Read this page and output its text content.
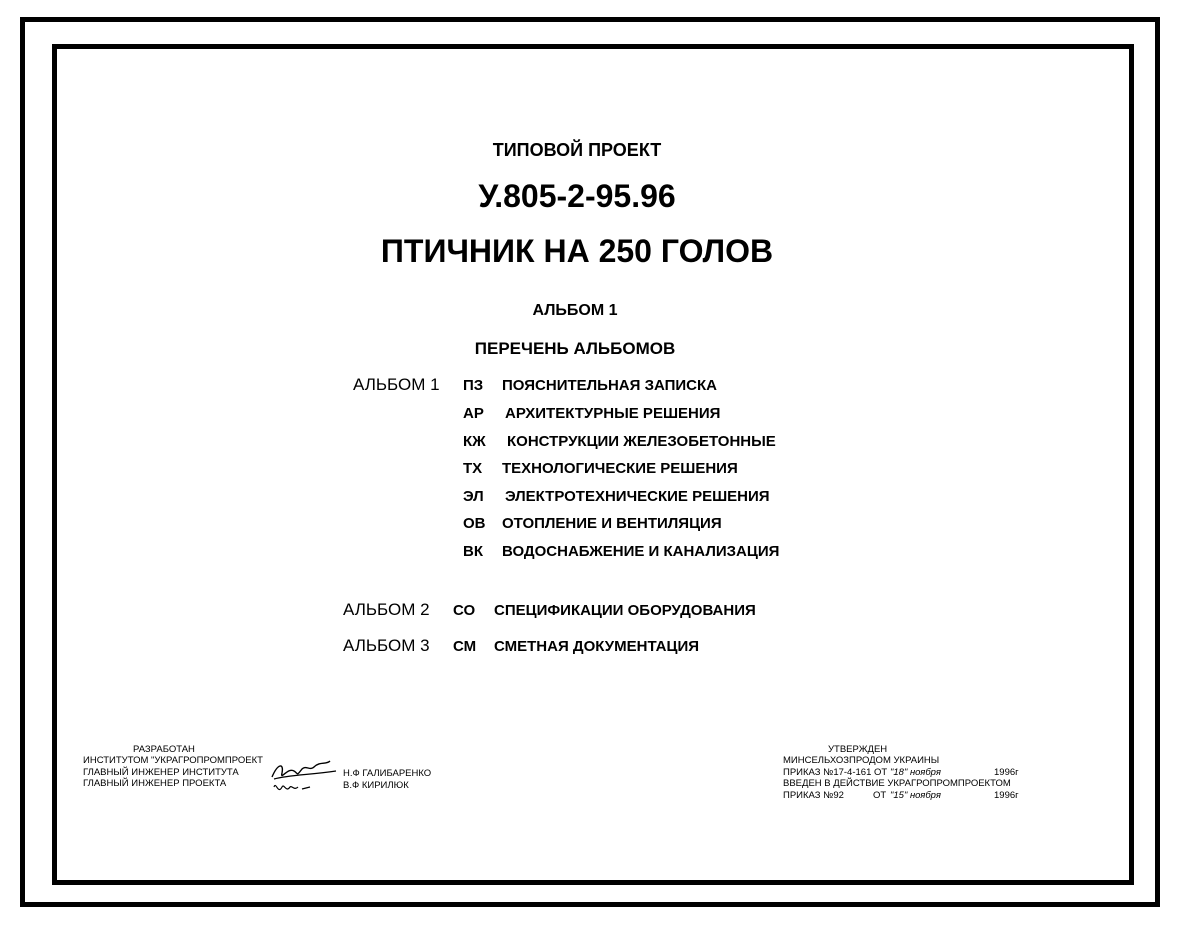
ТИПОВОЙ ПРОЕКТ
У.805-2-95.96
ПТИЧНИК НА 250 ГОЛОВ
АЛЬБОМ 1
ПЕРЕЧЕНЬ АЛЬБОМОВ
АЛЬБОМ 1 ПЗ ПОЯСНИТЕЛЬНАЯ ЗАПИСКА
АР АРХИТЕКТУРНЫЕ РЕШЕНИЯ
КЖ КОНСТРУКЦИИ ЖЕЛЕЗОБЕТОННЫЕ
ТХ ТЕХНОЛОГИЧЕСКИЕ РЕШЕНИЯ
ЭЛ ЭЛЕКТРОТЕХНИЧЕСКИЕ РЕШЕНИЯ
ОВ ОТОПЛЕНИЕ И ВЕНТИЛЯЦИЯ
ВК ВОДОСНАБЖЕНИЕ И КАНАЛИЗАЦИЯ
АЛЬБОМ 2 СО СПЕЦИФИКАЦИИ ОБОРУДОВАНИЯ
АЛЬБОМ 3 СМ СМЕТНАЯ ДОКУМЕНТАЦИЯ
РАЗРАБОТАН
ИНСТИТУТОМ "УКРАГРОПРОМПРОЕКТ
ГЛАВНЫЙ ИНЖЕНЕР ИНСТИТУТА
ГЛАВНЫЙ ИНЖЕНЕР ПРОЕКТА
Н.Ф ГАЛИБАРЕНКО
В.Ф КИРИЛЮК
УТВЕРЖДЕН
МИНСЕЛЬХОЗПРОДОМ УКРАИНЫ
ПРИКАЗ №17-4-161 ОТ "18" ноября	1996г
ВВЕДЕН В ДЕЙСТВИЕ УКРАГРОПРОМПРОЕКТОМ
ПРИКАЗ №92	ОТ "15" ноября	1996г
